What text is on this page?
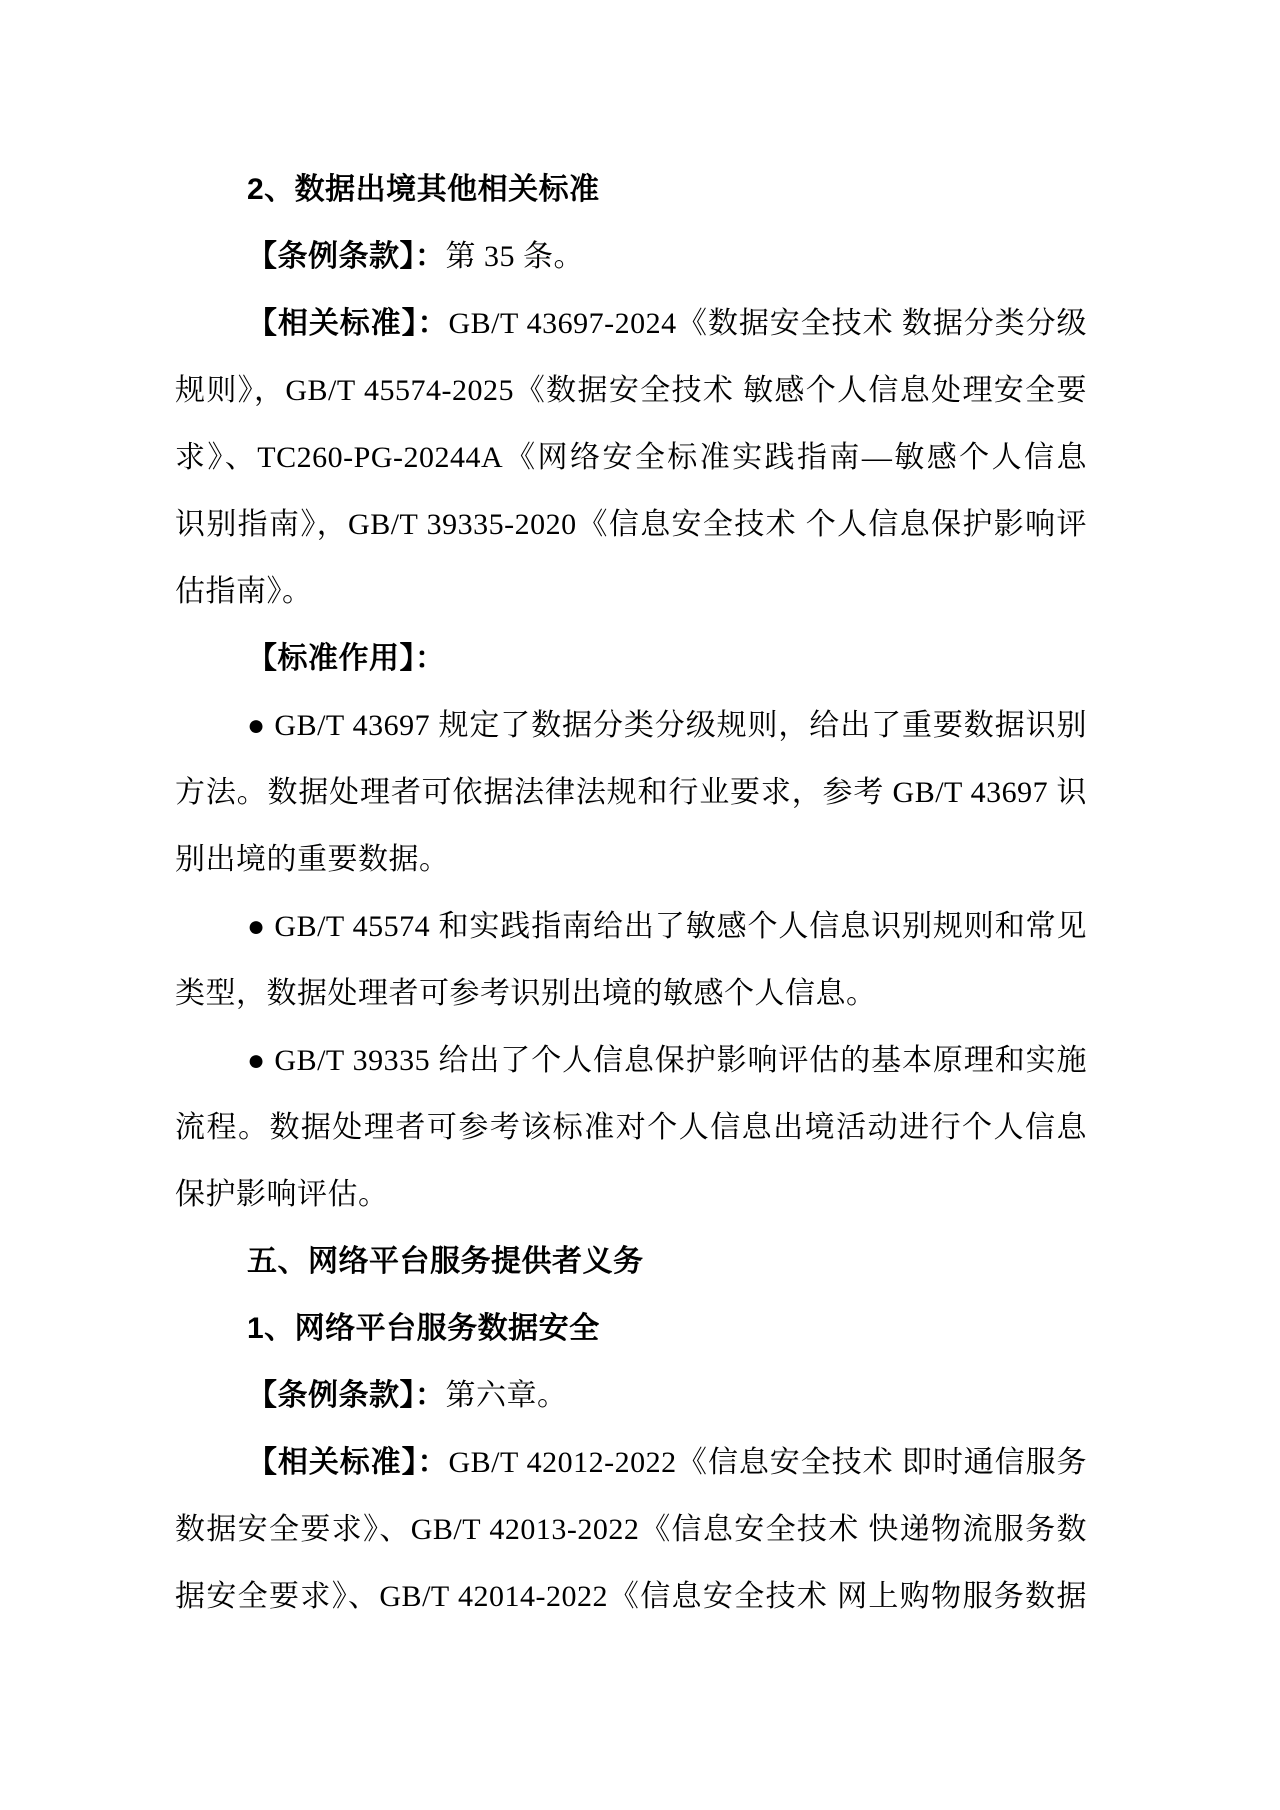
2、数据出境其他相关标准
【条例条款】：第 35 条。
【相关标准】：GB/T 43697-2024《数据安全技术 数据分类分级
规则》，GB/T 45574-2025《数据安全技术 敏感个人信息处理安全要
求》、TC260-PG-20244A《网络安全标准实践指南—敏感个人信息
识别指南》，GB/T 39335-2020《信息安全技术 个人信息保护影响评
估指南》。
【标准作用】：
● GB/T 43697 规定了数据分类分级规则，给出了重要数据识别
方法。数据处理者可依据法律法规和行业要求，参考 GB/T 43697 识
别出境的重要数据。
● GB/T 45574 和实践指南给出了敏感个人信息识别规则和常见
类型，数据处理者可参考识别出境的敏感个人信息。
● GB/T 39335 给出了个人信息保护影响评估的基本原理和实施
流程。数据处理者可参考该标准对个人信息出境活动进行个人信息
保护影响评估。
五、网络平台服务提供者义务
1、网络平台服务数据安全
【条例条款】：第六章。
【相关标准】：GB/T 42012-2022《信息安全技术 即时通信服务
数据安全要求》、GB/T 42013-2022《信息安全技术 快递物流服务数
据安全要求》、GB/T 42014-2022《信息安全技术 网上购物服务数据
